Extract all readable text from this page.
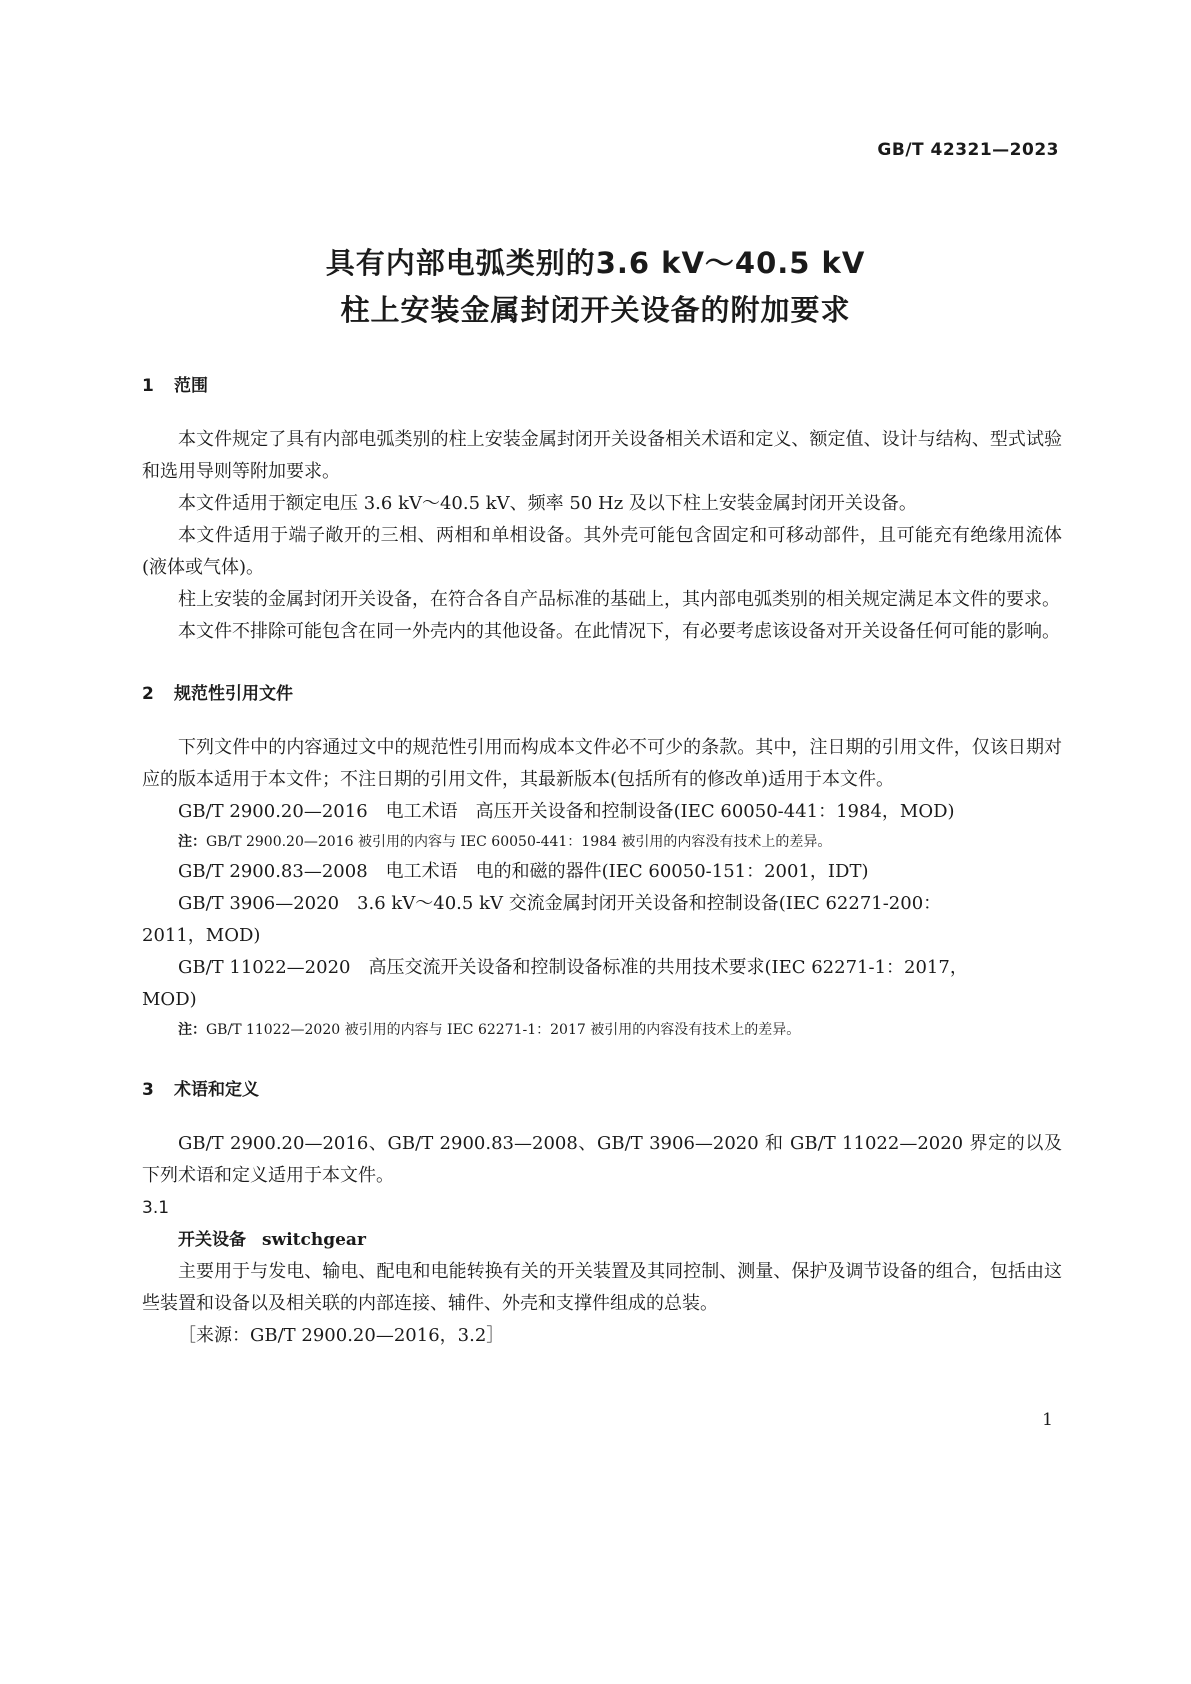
GB/T 42321—2023
具有内部电弧类别的3.6 kV～40.5 kV
柱上安装金属封闭开关设备的附加要求

1 范围

本文件规定了具有内部电弧类别的柱上安装金属封闭开关设备相关术语和定义、额定值、设计与结构、型式试验和选用导则等附加要求。

本文件适用于额定电压 3.6 kV～40.5 kV、频率 50 Hz 及以下柱上安装金属封闭开关设备。

本文件适用于端子敞开的三相、两相和单相设备。其外壳可能包含固定和可移动部件，且可能充有绝缘用流体(液体或气体)。

柱上安装的金属封闭开关设备，在符合各自产品标准的基础上，其内部电弧类别的相关规定满足本文件的要求。

本文件不排除可能包含在同一外壳内的其他设备。在此情况下，有必要考虑该设备对开关设备任何可能的影响。

2 规范性引用文件

下列文件中的内容通过文中的规范性引用而构成本文件必不可少的条款。其中，注日期的引用文件，仅该日期对应的版本适用于本文件；不注日期的引用文件，其最新版本(包括所有的修改单)适用于本文件。

GB/T 2900.20—2016　电工术语　高压开关设备和控制设备(IEC 60050-441：1984，MOD)

注：GB/T 2900.20—2016 被引用的内容与 IEC 60050-441：1984 被引用的内容没有技术上的差异。

GB/T 2900.83—2008　电工术语　电的和磁的器件(IEC 60050-151：2001，IDT)

GB/T 3906—2020　3.6 kV～40.5 kV 交流金属封闭开关设备和控制设备(IEC 62271-200：
2011，MOD)

GB/T 11022—2020　高压交流开关设备和控制设备标准的共用技术要求(IEC 62271-1：2017，
MOD)

注：GB/T 11022—2020 被引用的内容与 IEC 62271-1：2017 被引用的内容没有技术上的差异。

3 术语和定义

GB/T 2900.20—2016、GB/T 2900.83—2008、GB/T 3906—2020 和 GB/T 11022—2020 界定的以及下列术语和定义适用于本文件。

3.1

开关设备 switchgear

主要用于与发电、输电、配电和电能转换有关的开关装置及其同控制、测量、保护及调节设备的组合，包括由这些装置和设备以及相关联的内部连接、辅件、外壳和支撑件组成的总装。

［来源：GB/T 2900.20—2016，3.2］

1
